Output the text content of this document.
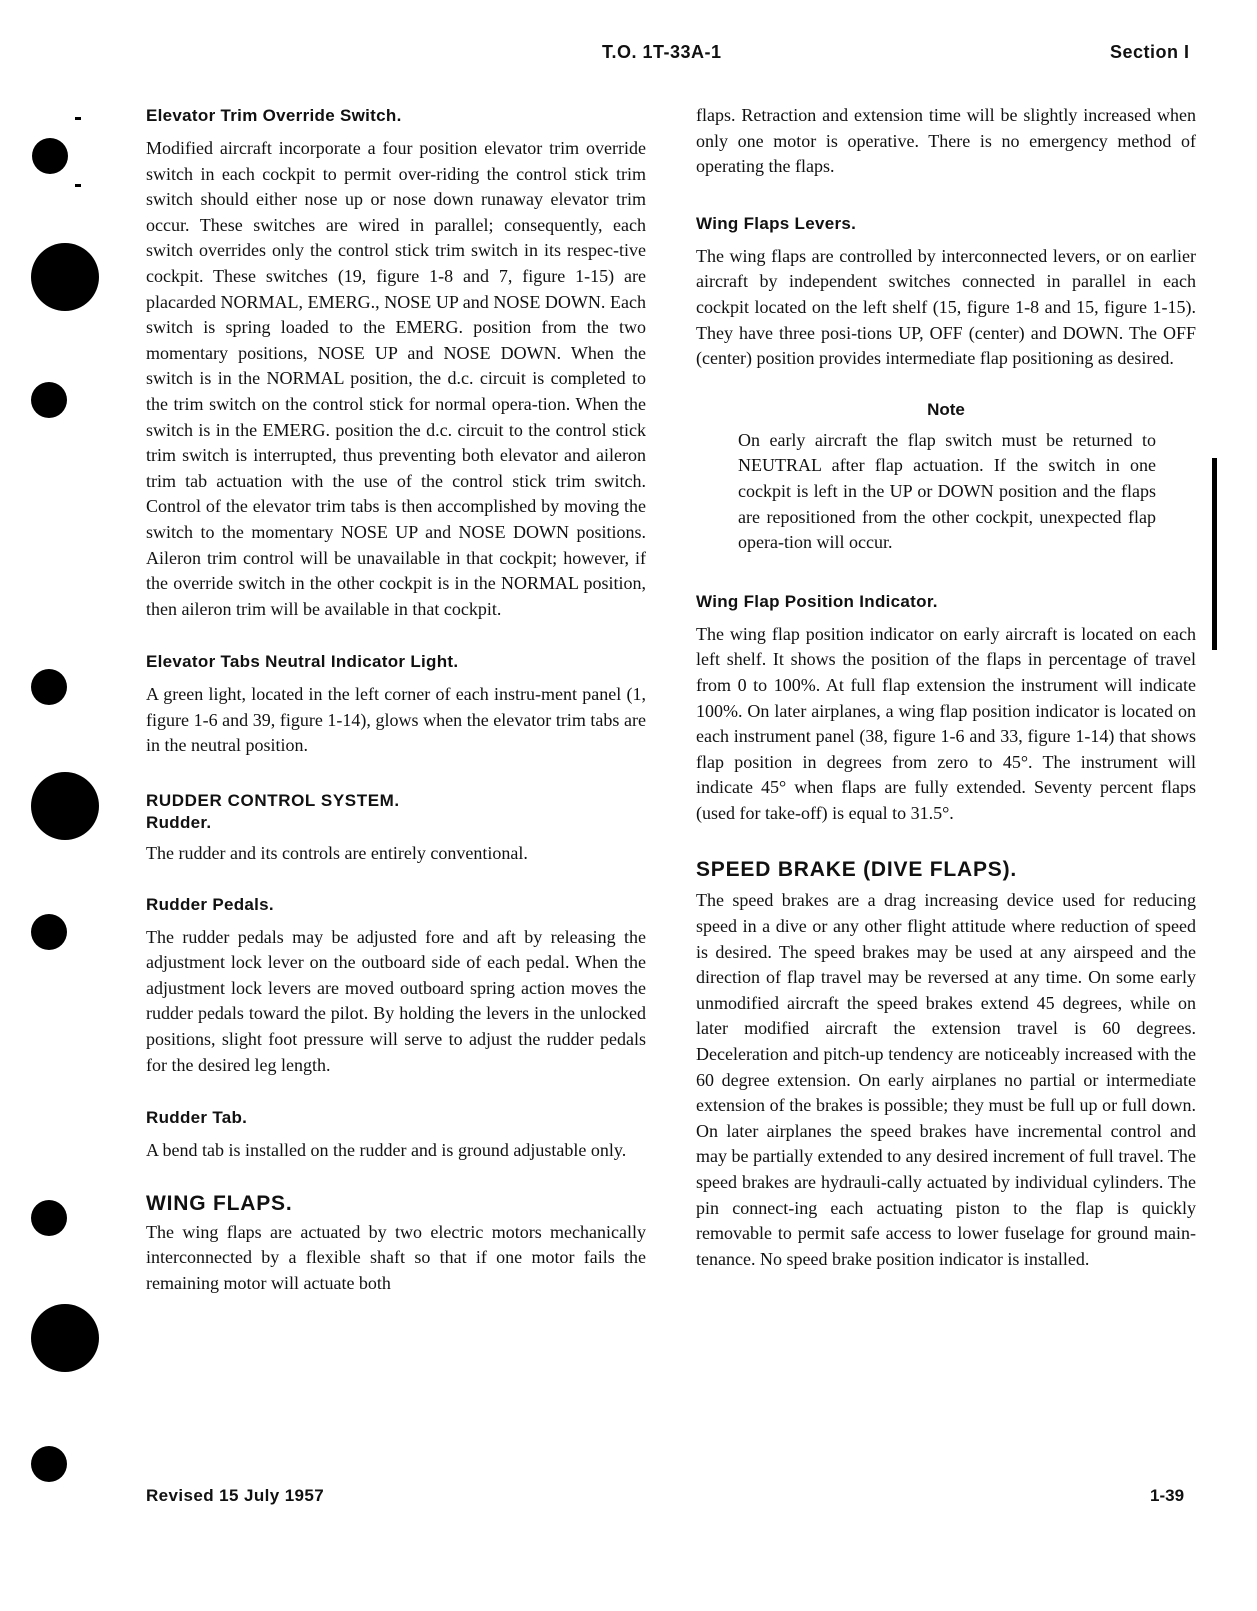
T.O. 1T-33A-1	Section I
Elevator Trim Override Switch.

Modified aircraft incorporate a four position elevator trim override switch in each cockpit to permit over-riding the control stick trim switch should either nose up or nose down runaway elevator trim occur. These switches are wired in parallel; consequently, each switch overrides only the control stick trim switch in its respec-tive cockpit. These switches (19, figure 1-8 and 7, figure 1-15) are placarded NORMAL, EMERG., NOSE UP and NOSE DOWN. Each switch is spring loaded to the EMERG. position from the two momentary positions, NOSE UP and NOSE DOWN. When the switch is in the NORMAL position, the d.c. circuit is completed to the trim switch on the control stick for normal opera-tion. When the switch is in the EMERG. position the d.c. circuit to the control stick trim switch is interrupted, thus preventing both elevator and aileron trim tab actuation with the use of the control stick trim switch. Control of the elevator trim tabs is then accomplished by moving the switch to the momentary NOSE UP and NOSE DOWN positions. Aileron trim control will be unavailable in that cockpit; however, if the override switch in the other cockpit is in the NORMAL position, then aileron trim will be available in that cockpit.

Elevator Tabs Neutral Indicator Light.

A green light, located in the left corner of each instru-ment panel (1, figure 1-6 and 39, figure 1-14), glows when the elevator trim tabs are in the neutral position.

RUDDER CONTROL SYSTEM.
Rudder.

The rudder and its controls are entirely conventional.

Rudder Pedals.

The rudder pedals may be adjusted fore and aft by releasing the adjustment lock lever on the outboard side of each pedal. When the adjustment lock levers are moved outboard spring action moves the rudder pedals toward the pilot. By holding the levers in the unlocked positions, slight foot pressure will serve to adjust the rudder pedals for the desired leg length.

Rudder Tab.

A bend tab is installed on the rudder and is ground adjustable only.

WING FLAPS.

The wing flaps are actuated by two electric motors mechanically interconnected by a flexible shaft so that if one motor fails the remaining motor will actuate both

flaps. Retraction and extension time will be slightly increased when only one motor is operative. There is no emergency method of operating the flaps.

Wing Flaps Levers.

The wing flaps are controlled by interconnected levers, or on earlier aircraft by independent switches connected in parallel in each cockpit located on the left shelf (15, figure 1-8 and 15, figure 1-15). They have three posi-tions UP, OFF (center) and DOWN. The OFF (center) position provides intermediate flap positioning as desired.

Note

On early aircraft the flap switch must be returned to NEUTRAL after flap actuation. If the switch in one cockpit is left in the UP or DOWN position and the flaps are repositioned from the other cockpit, unexpected flap opera-tion will occur.

Wing Flap Position Indicator.

The wing flap position indicator on early aircraft is located on each left shelf. It shows the position of the flaps in percentage of travel from 0 to 100%. At full flap extension the instrument will indicate 100%. On later airplanes, a wing flap position indicator is located on each instrument panel (38, figure 1-6 and 33, figure 1-14) that shows flap position in degrees from zero to 45°. The instrument will indicate 45° when flaps are fully extended. Seventy percent flaps (used for take-off) is equal to 31.5°.

SPEED BRAKE (DIVE FLAPS).

The speed brakes are a drag increasing device used for reducing speed in a dive or any other flight attitude where reduction of speed is desired. The speed brakes may be used at any airspeed and the direction of flap travel may be reversed at any time. On some early unmodified aircraft the speed brakes extend 45 degrees, while on later modified aircraft the extension travel is 60 degrees. Deceleration and pitch-up tendency are noticeably increased with the 60 degree extension. On early airplanes no partial or intermediate extension of the brakes is possible; they must be full up or full down. On later airplanes the speed brakes have incremental control and may be partially extended to any desired increment of full travel. The speed brakes are hydrauli-cally actuated by individual cylinders. The pin connect-ing each actuating piston to the flap is quickly removable to permit safe access to lower fuselage for ground main-tenance. No speed brake position indicator is installed.

Revised 15 July 1957	1-39
